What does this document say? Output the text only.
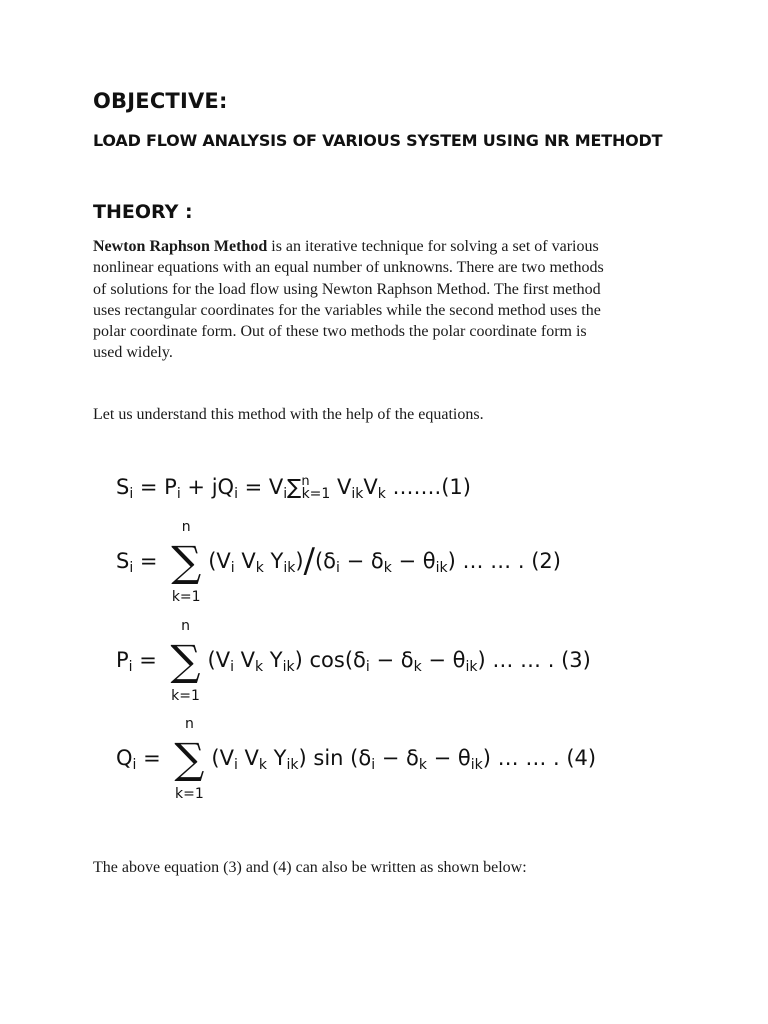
OBJECTIVE:
LOAD FLOW ANALYSIS OF VARIOUS SYSTEM USING NR METHODT
THEORY :

Newton Raphson Method is an iterative technique for solving a set of various
nonlinear equations with an equal number of unknowns. There are two methods
of solutions for the load flow using Newton Raphson Method. The first method
uses rectangular coordinates for the variables while the second method uses the
polar coordinate form. Out of these two methods the polar coordinate form is
used widely.

Let us understand this method with the help of the equations.

$S_i = P_i + jQ_i = V_i\sum^n_{k=1}$ $V_{ik}V_k$ …….(1)
$S_i$ =
n
∑
k=1
($V_i$ $V_k$ $Y_{ik})/(\delta_i - \delta_k - \theta_{ik})$ … … . (2)
$P_i$ =
n
∑
k=1
($V_i$ $V_k$ $Y_{ik}$) $\cos(\delta_i - \delta_k - \theta_{ik})$ … … . (3)
$Q_i$ =
n
∑
k=1
($V_i$ $V_k$ $Y_{ik}$) $\sin (\delta_i - \delta_k - \theta_{ik})$ … … . (4)

The above equation (3) and (4) can also be written as shown below:
